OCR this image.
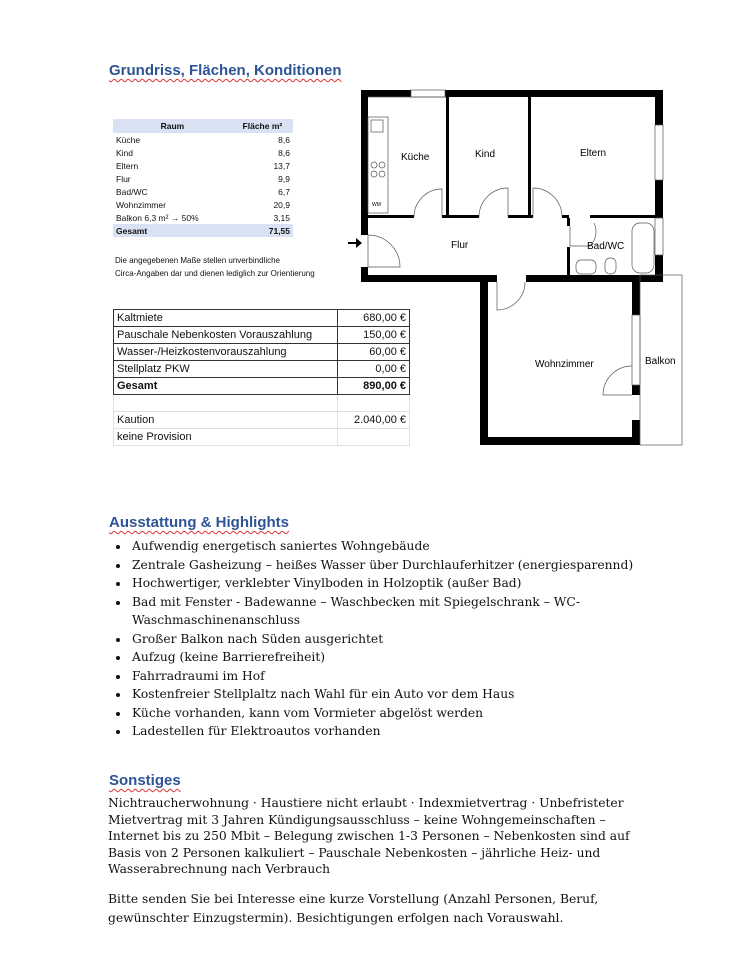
Grundriss, Flächen, Konditionen
Raum	Fläche m²
Küche	8,6
Kind	8,6
Eltern	13,7
Flur	9,9
Bad/WC	6,7
Wohnzimmer	20,9
Balkon 6,3 m² → 50%	3,15
Gesamt	71,55
Die angegebenen Maße stellen unverbindliche
Circa-Angaben dar und dienen lediglich zur Orientierung
Kaltmiete	680,00 €
Pauschale Nebenkosten Vorauszahlung	150,00 €
Wasser-/Heizkostenvorauszahlung	60,00 €
Stellplatz PKW	0,00 €
Gesamt	890,00 €

Kaution	2.040,00 €
keine Provision	
WM
Küche	Kind	Eltern
Flur	Bad/WC
Wohnzimmer	Balkon
Ausstattung & Highlights
• Aufwendig energetisch saniertes Wohngebäude
• Zentrale Gasheizung – heißes Wasser über Durchlauferhitzer (energiesparennd)
• Hochwertiger, verklebter Vinylboden in Holzoptik (außer Bad)
• Bad mit Fenster - Badewanne – Waschbecken mit Spiegelschrank – WC-Waschmaschinenanschluss
• Großer Balkon nach Süden ausgerichtet
• Aufzug (keine Barrierefreiheit)
• Fahrradraumi im Hof
• Kostenfreier Stellplaltz nach Wahl für ein Auto vor dem Haus
• Küche vorhanden, kann vom Vormieter abgelöst werden
• Ladestellen für Elektroautos vorhanden
Sonstiges
Nichtraucherwohnung · Haustiere nicht erlaubt · Indexmietvertrag · Unbefristeter Mietvertrag mit 3 Jahren Kündigungsausschluss – keine Wohngemeinschaften – Internet bis zu 250 Mbit – Belegung zwischen 1-3 Personen – Nebenkosten sind auf Basis von 2 Personen kalkuliert – Pauschale Nebenkosten – jährliche Heiz- und Wasserabrechnung nach Verbrauch
Bitte senden Sie bei Interesse eine kurze Vorstellung (Anzahl Personen, Beruf, gewünschter Einzugstermin). Besichtigungen erfolgen nach Vorauswahl.
